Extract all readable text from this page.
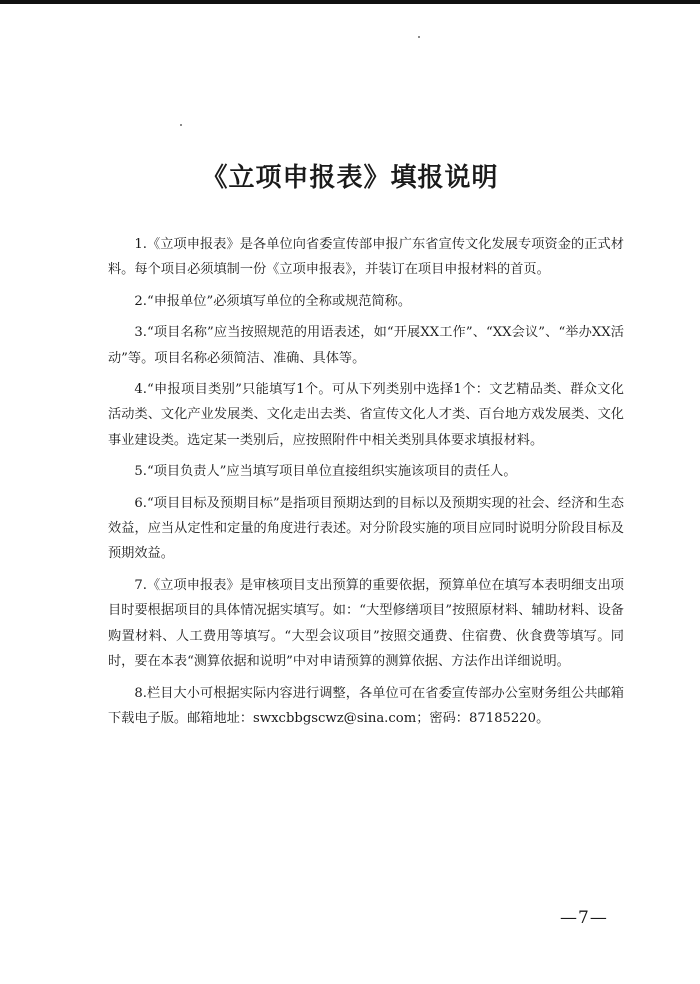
《立项申报表》填报说明

1.《立项申报表》是各单位向省委宣传部申报广东省宣传文化发展专项资金的正式材料。每个项目必须填制一份《立项申报表》，并装订在项目申报材料的首页。

2.“申报单位”必须填写单位的全称或规范简称。

3.“项目名称”应当按照规范的用语表述，如“开展XX工作”、“XX会议”、“举办XX活动”等。项目名称必须简洁、准确、具体等。

4.“申报项目类别”只能填写1个。可从下列类别中选择1个：文艺精品类、群众文化活动类、文化产业发展类、文化走出去类、省宣传文化人才类、百台地方戏发展类、文化事业建设类。选定某一类别后，应按照附件中相关类别具体要求填报材料。

5.“项目负责人”应当填写项目单位直接组织实施该项目的责任人。

6.“项目目标及预期目标”是指项目预期达到的目标以及预期实现的社会、经济和生态效益，应当从定性和定量的角度进行表述。对分阶段实施的项目应同时说明分阶段目标及预期效益。

7.《立项申报表》是审核项目支出预算的重要依据，预算单位在填写本表明细支出项目时要根据项目的具体情况据实填写。如：“大型修缮项目”按照原材料、辅助材料、设备购置材料、人工费用等填写。“大型会议项目”按照交通费、住宿费、伙食费等填写。同时，要在本表“测算依据和说明”中对申请预算的测算依据、方法作出详细说明。

8.栏目大小可根据实际内容进行调整，各单位可在省委宣传部办公室财务组公共邮箱下载电子版。邮箱地址：swxcbbgscwz@sina.com；密码：87185220。

—7—
